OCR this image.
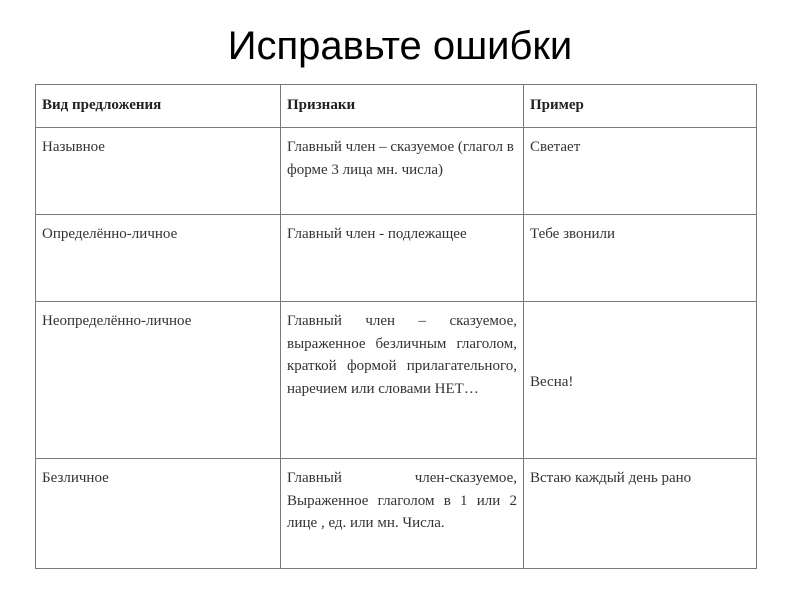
Исправьте ошибки
Вид предложения	Признаки	Пример
Назывное	Главный член – сказуемое (глагол в форме 3 лица мн. числа)	Светает
Определённо-личное	Главный член - подлежащее	Тебе звонили
Неопределённо-личное	Главный член – сказуемое, выраженное безличным глаголом, краткой формой прилагательного, наречием или словами НЕТ…	Весна!
Безличное	Главный член-сказуемое, Выраженное глаголом в 1 или 2 лице , ед. или мн. Числа.	Встаю каждый день рано
